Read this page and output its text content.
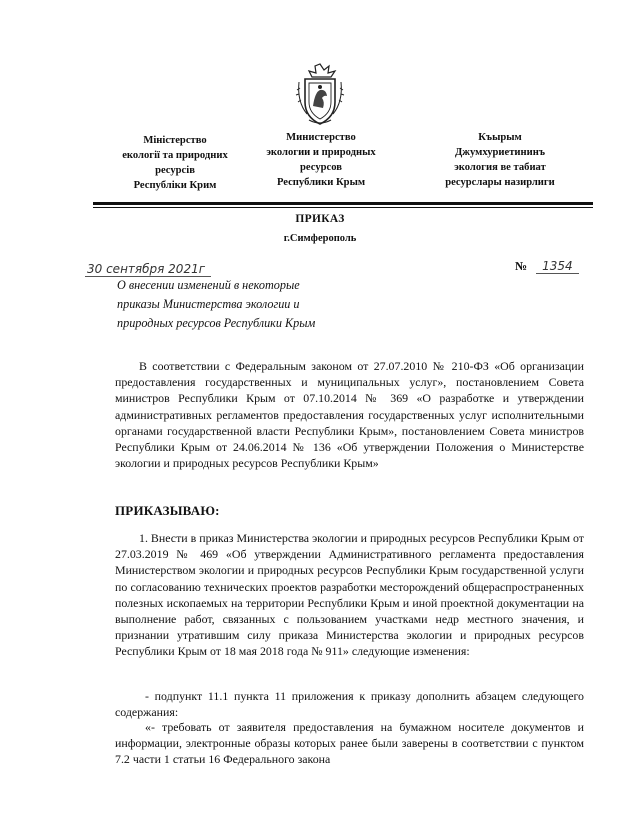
Міністерство
екології та природних
ресурсів
Республіки Крим
Министерство
экологии и природных
ресурсов
Республики Крым
Къырым
Джумхуриетининъ
экология ве табиат
ресурслары назирлиги
ПРИКАЗ
г.Симферополь
30 сентября 2021г	№ 1354
О внесении изменений в некоторые
приказы Министерства экологии и
природных ресурсов Республики Крым

В соответствии с Федеральным законом от 27.07.2010 № 210-ФЗ «Об организации предоставления государственных и муниципальных услуг», постановлением Совета министров Республики Крым от 07.10.2014 № 369 «О разработке и утверждении административных регламентов предоставления государственных услуг исполнительными органами государственной власти Республики Крым», постановлением Совета министров Республики Крым от 24.06.2014 № 136 «Об утверждении Положения о Министерстве экологии и природных ресурсов Республики Крым»

ПРИКАЗЫВАЮ:

1. Внести в приказ Министерства экологии и природных ресурсов Республики Крым от 27.03.2019 № 469 «Об утверждении Административного регламента предоставления Министерством экологии и природных ресурсов Республики Крым государственной услуги по согласованию технических проектов разработки месторождений общераспространенных полезных ископаемых на территории Республики Крым и иной проектной документации на выполнение работ, связанных с пользованием участками недр местного значения, и признании утратившим силу приказа Министерства экологии и природных ресурсов Республики Крым от 18 мая 2018 года № 911» следующие изменения:

- подпункт 11.1 пункта 11 приложения к приказу дополнить абзацем следующего содержания:

«- требовать от заявителя предоставления на бумажном носителе документов и информации, электронные образы которых ранее были заверены в соответствии с пунктом 7.2 части 1 статьи 16 Федерального закона
